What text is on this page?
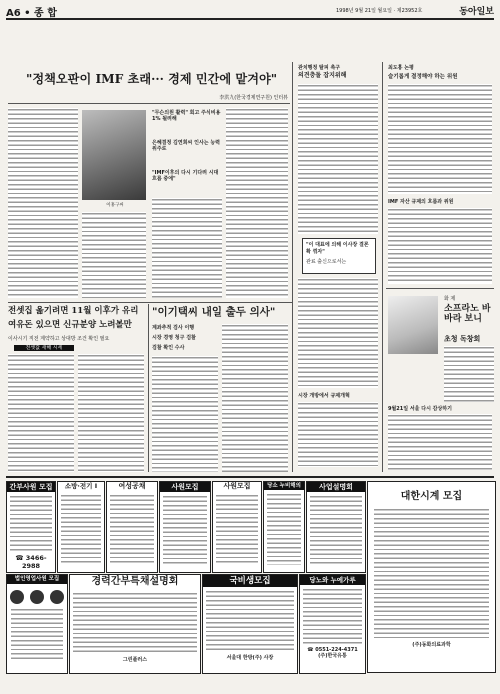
A6 • 종 합	1998년 9월 21일 월요일 · 제23952호	동아일보
"정책오판이 IMF 초래··· 경제 민간에 맡겨야"
李洪九(한국경제연구원) 인터뷰
이홍구씨
"무슨의원 활력" 회고 주식비용 1% 될려해
은혜결정 김연희씨 인사는 능력 위주로
"IMF이후의 다시 기다려 시대 흐름 중에"
관치행정 탈피 촉구
의견충돌 잡지위해
"이 대표에 의해 이사장 결론 확 꺾자"
관료 출신으로서는
시장 개방에서 규제개혁
최도홍 논평
슬기롭게 결정해야 하는 위원
IMF 자산 규제의 흐름과 위원
화 제
소프라노 바바라 보니
초청 독창회
9월21일 서울 다시 감상하기
전셋집 옮기려면 11월 이후가 유리
여유돈 있으면 신규분양 노려볼만
이사시기 직전 계약하고 상대방 조건 확인 필요
전셋값 새해 시세
"이기택씨 내일 출두 의사"
계좌추적 검사 이행
시장 경영 청구 검찰
검찰 확인 수사
간부사원 모집
☎ 3466-2988
소방·전기 I	여성공채	사원모집	사원모집	당소 누비해의	사업설명회
대한시계 모집
(주)동화의료과학
법인영업사원 모집	경력간부특채설명회
그린플러스
국비생모집
서울대 한방(주) 사장
당노와 누에가루
☎ 0551-224-4371
(주)한국유통
